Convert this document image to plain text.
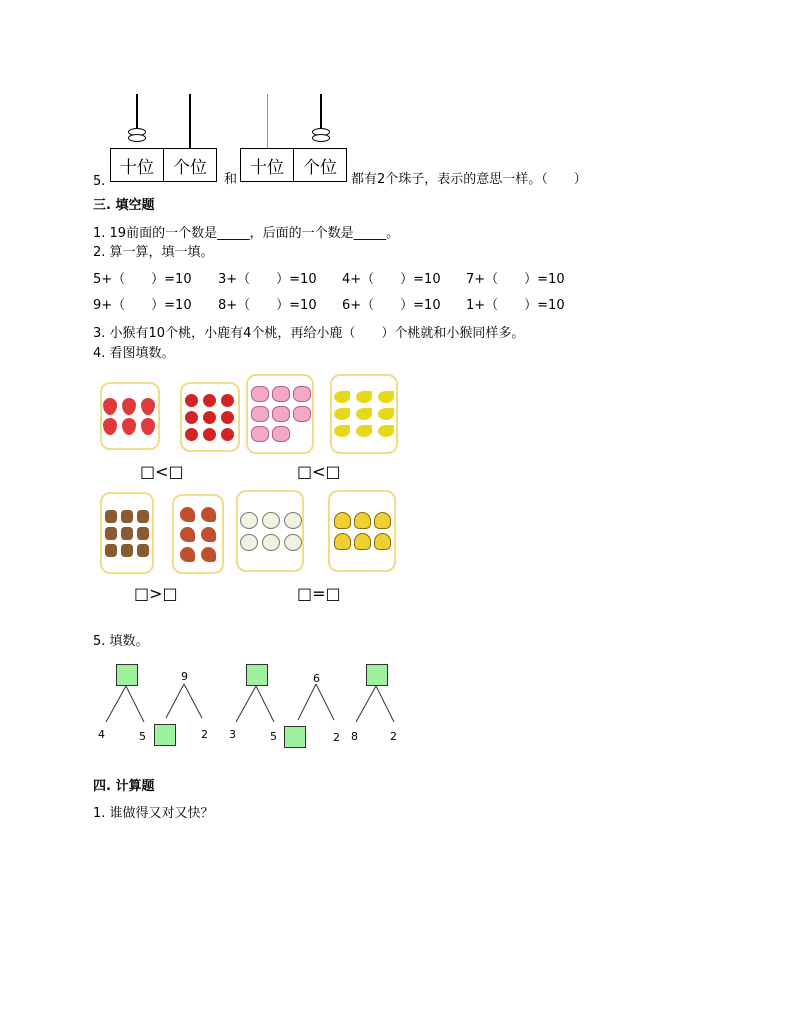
十位	个位	十位	个位
5.	和	都有2个珠子，表示的意思一样。（　　）
三. 填空题
1. 19前面的一个数是_____，后面的一个数是_____。
2. 算一算，填一填。
5+（　　）=10 3+（　　）=10 4+（　　）=10 7+（　　）=10
9+（　　）=10 8+（　　）=10 6+（　　）=10 1+（　　）=10
3. 小猴有10个桃，小鹿有4个桃，再给小鹿（　　）个桃就和小猴同样多。
4. 看图填数。
□<□	□<□
□>□	□=□
5. 填数。
4	5
9
2 3	5
6
2 8	2
四. 计算题
1. 谁做得又对又快？
